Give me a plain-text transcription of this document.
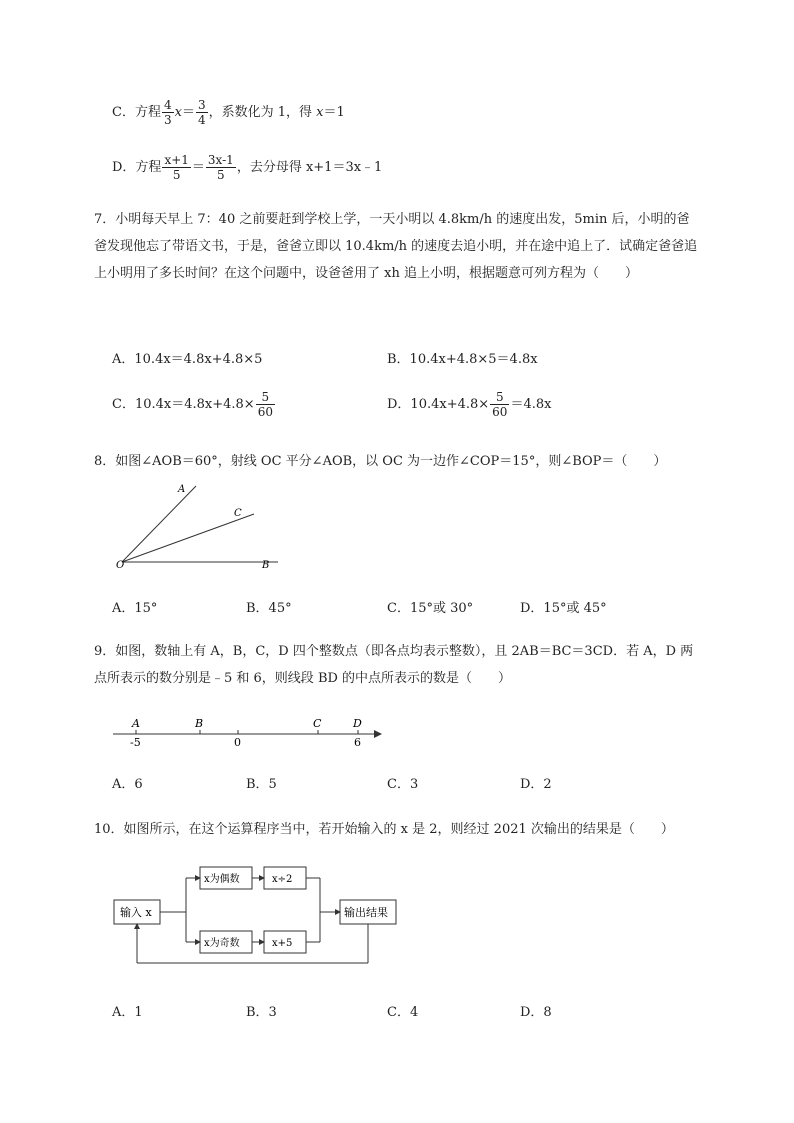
C．方程 $\frac{4}{3} x= \frac{3}{4}$ ，系数化为 1，得 x＝1
D．方程 $\frac{x+1}{5} = \frac{3x-1}{5}$ ，去分母得 x+1＝3x﹣1
7．小明每天早上 7：40 之前要赶到学校上学，一天小明以 4.8km/h 的速度出发，5min 后，小明的爸爸发现他忘了带语文书，于是，爸爸立即以 10.4km/h 的速度去追小明，并在途中追上了．试确定爸爸追上小明用了多长时间？在这个问题中，设爸爸用了 xh 追上小明，根据题意可列方程为（　　）
A．10.4x＝4.8x+4.8×5	B．10.4x+4.8×5＝4.8x
C．$10.4x=4.8x+4.8\times \frac{5}{60}$	D．$10.4x+4.8\times \frac{5}{60} =4.8x$
8．如图∠AOB＝60°，射线 OC 平分∠AOB，以 OC 为一边作∠COP＝15°，则∠BOP＝（　　）
A
C
O	B
A．15°	B．45°	C．15°或 30°	D．15°或 45°
9．如图，数轴上有 A，B，C，D 四个整数点（即各点均表示整数），且 2AB＝BC＝3CD．若 A，D 两点所表示的数分别是﹣5 和 6，则线段 BD 的中点所表示的数是（　　）
A	B	C	D
-5	0	6
A．6	B．5	C．3	D．2
10．如图所示，在这个运算程序当中，若开始输入的 x 是 2，则经过 2021 次输出的结果是（　　）
输入 x
x为偶数
x为奇数
x÷2
x+5
输出结果
A．1	B．3	C．4	D．8
